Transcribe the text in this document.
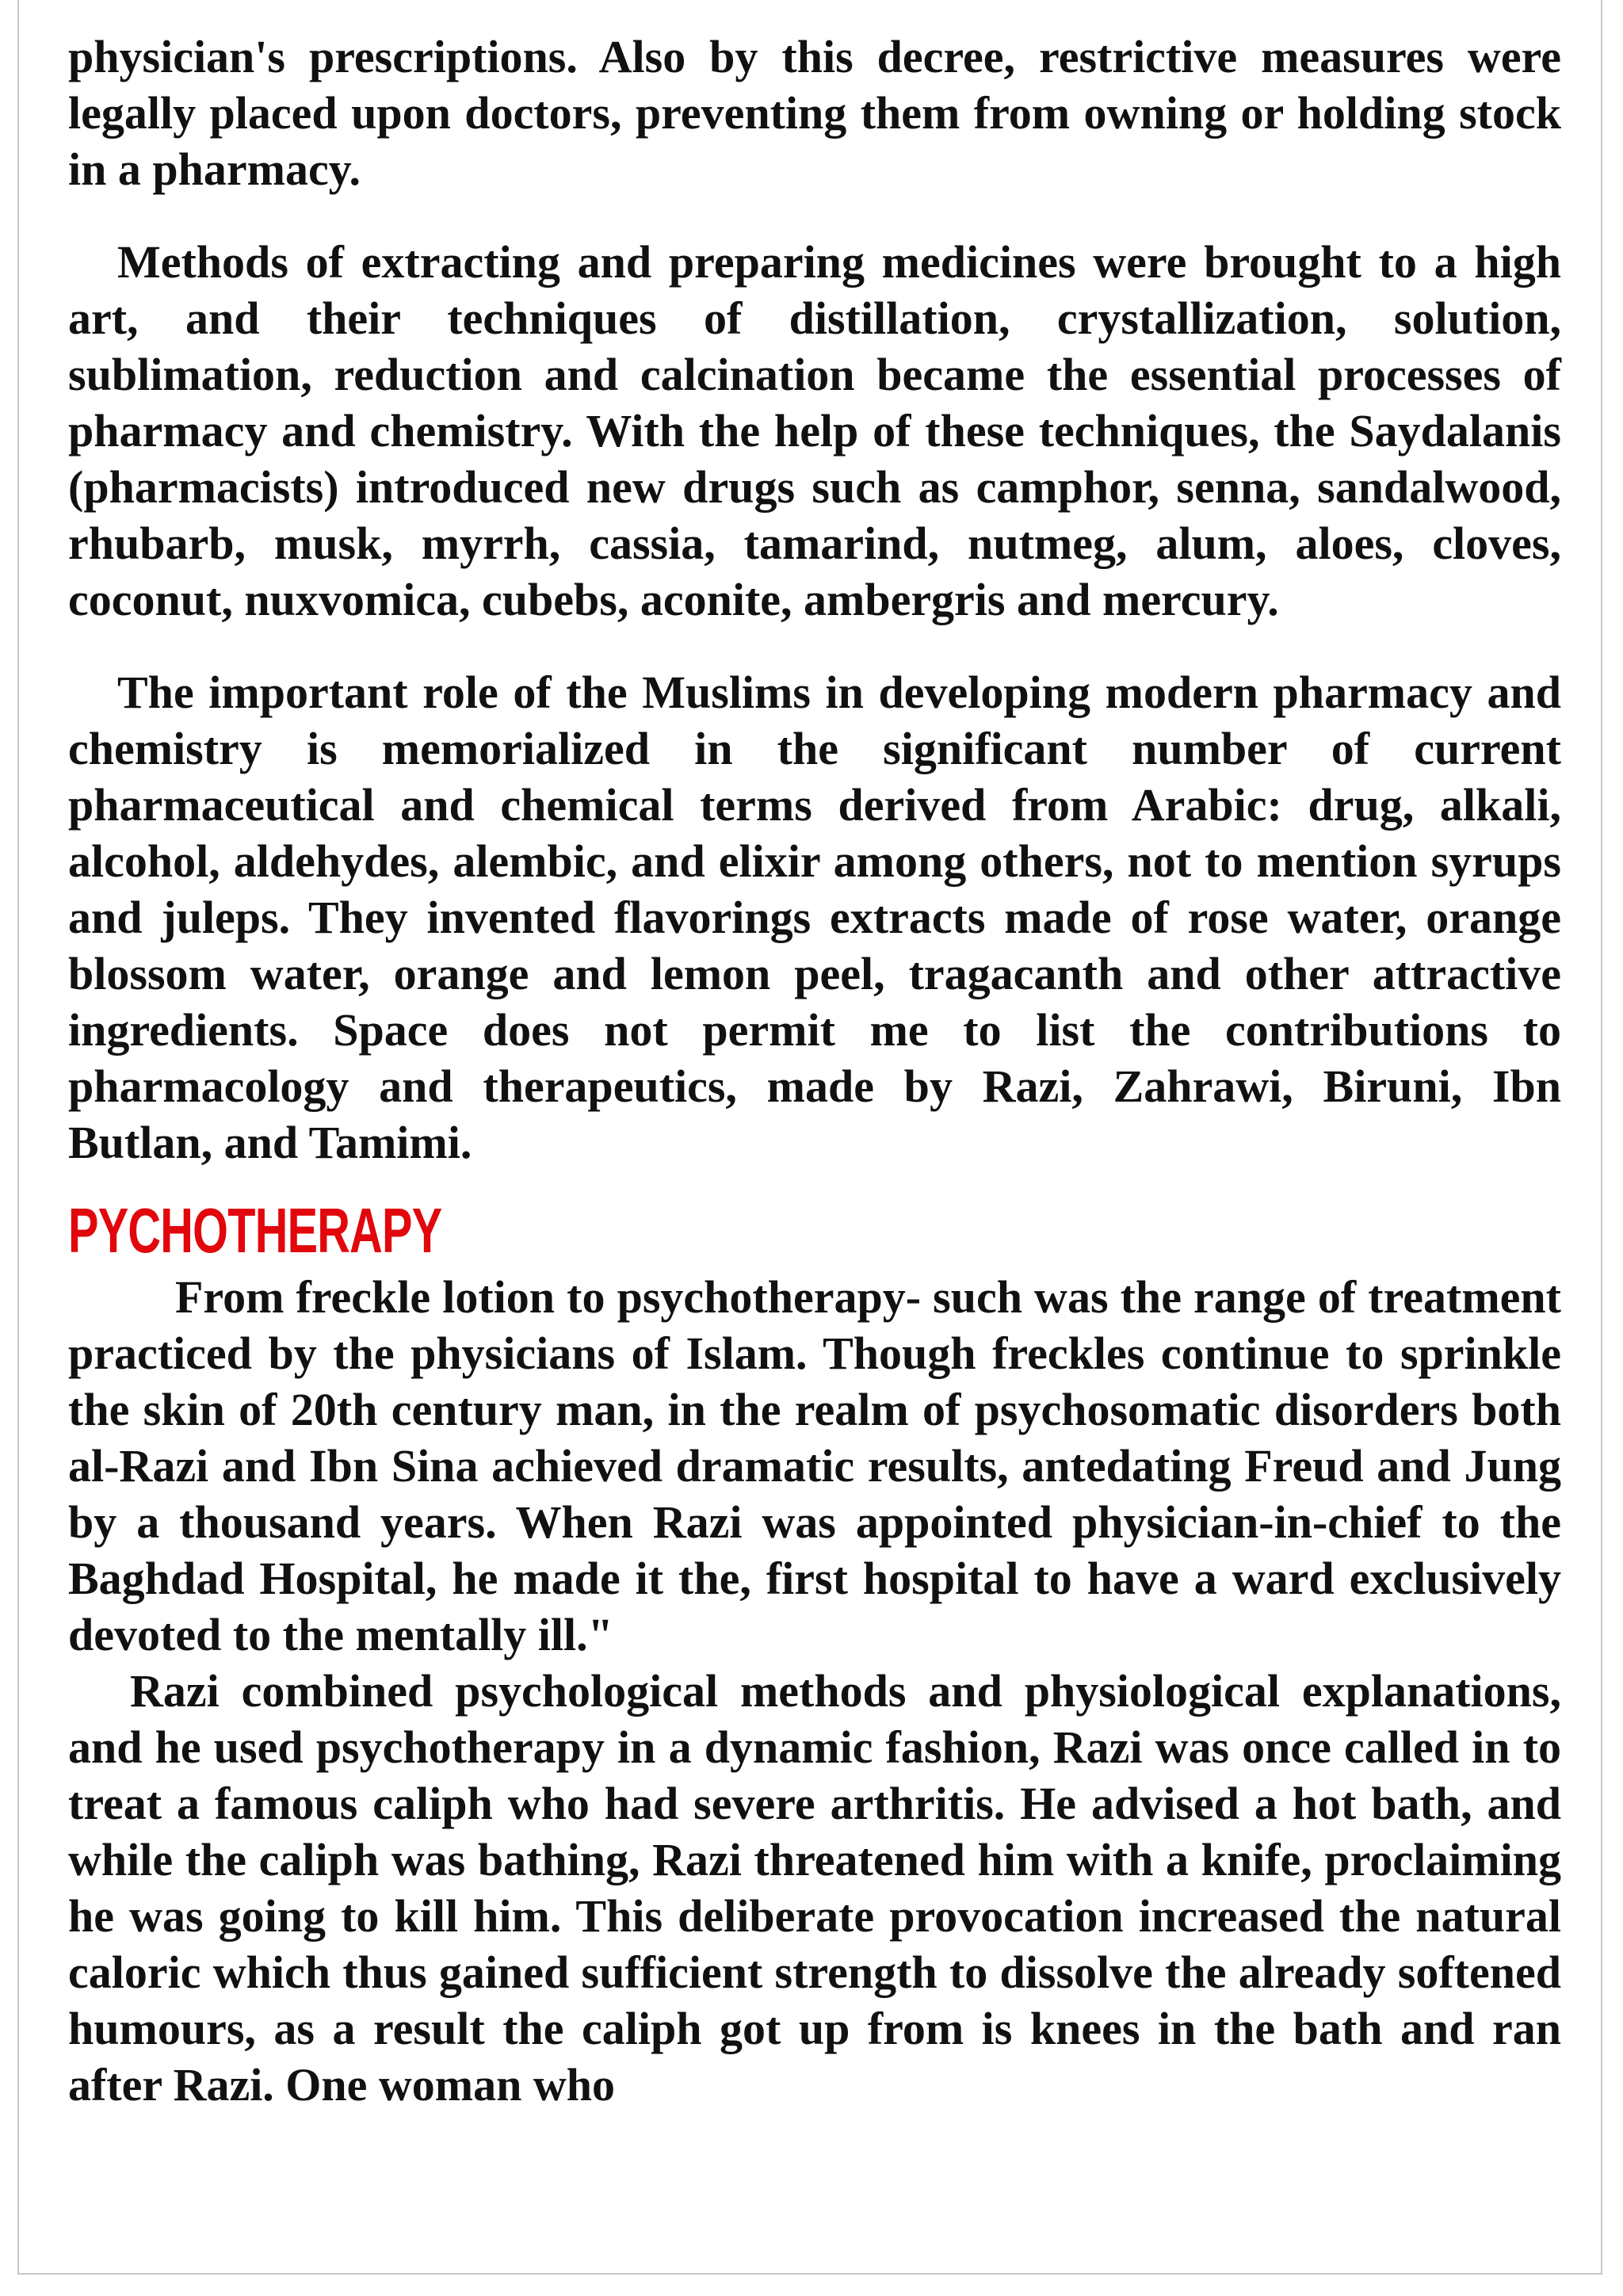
physician's prescriptions. Also by this decree, restrictive measures were legally placed upon doctors, preventing them from owning or holding stock in a pharmacy.

Methods of extracting and preparing medicines were brought to a high art, and their techniques of distillation, crystallization, solution, sublimation, reduction and calcination became the essential processes of pharmacy and chemistry. With the help of these techniques, the Saydalanis (pharmacists) introduced new drugs such as camphor, senna, sandalwood, rhubarb, musk, myrrh, cassia, tamarind, nutmeg, alum, aloes, cloves, coconut, nuxvomica, cubebs, aconite, ambergris and mercury.

The important role of the Muslims in developing modern pharmacy and chemistry is memorialized in the significant number of current pharmaceutical and chemical terms derived from Arabic: drug, alkali, alcohol, aldehydes, alembic, and elixir among others, not to mention syrups and juleps. They invented flavorings extracts made of rose water, orange blossom water, orange and lemon peel, tragacanth and other attractive ingredients. Space does not permit me to list the contributions to pharmacology and therapeutics, made by Razi, Zahrawi, Biruni, Ibn Butlan, and Tamimi.

PYCHOTHERAPY

From freckle lotion to psychotherapy- such was the range of treatment practiced by the physicians of Islam. Though freckles continue to sprinkle the skin of 20th century man, in the realm of psychosomatic disorders both al-Razi and Ibn Sina achieved dramatic results, antedating Freud and Jung by a thousand years. When Razi was appointed physician-in-chief to the Baghdad Hospital, he made it the, first hospital to have a ward exclusively devoted to the mentally ill."

Razi combined psychological methods and physiological explanations, and he used psychotherapy in a dynamic fashion, Razi was once called in to treat a famous caliph who had severe arthritis. He advised a hot bath, and while the caliph was bathing, Razi threatened him with a knife, proclaiming he was going to kill him. This deliberate provocation increased the natural caloric which thus gained sufficient strength to dissolve the already softened humours, as a result the caliph got up from is knees in the bath and ran after Razi. One woman who
